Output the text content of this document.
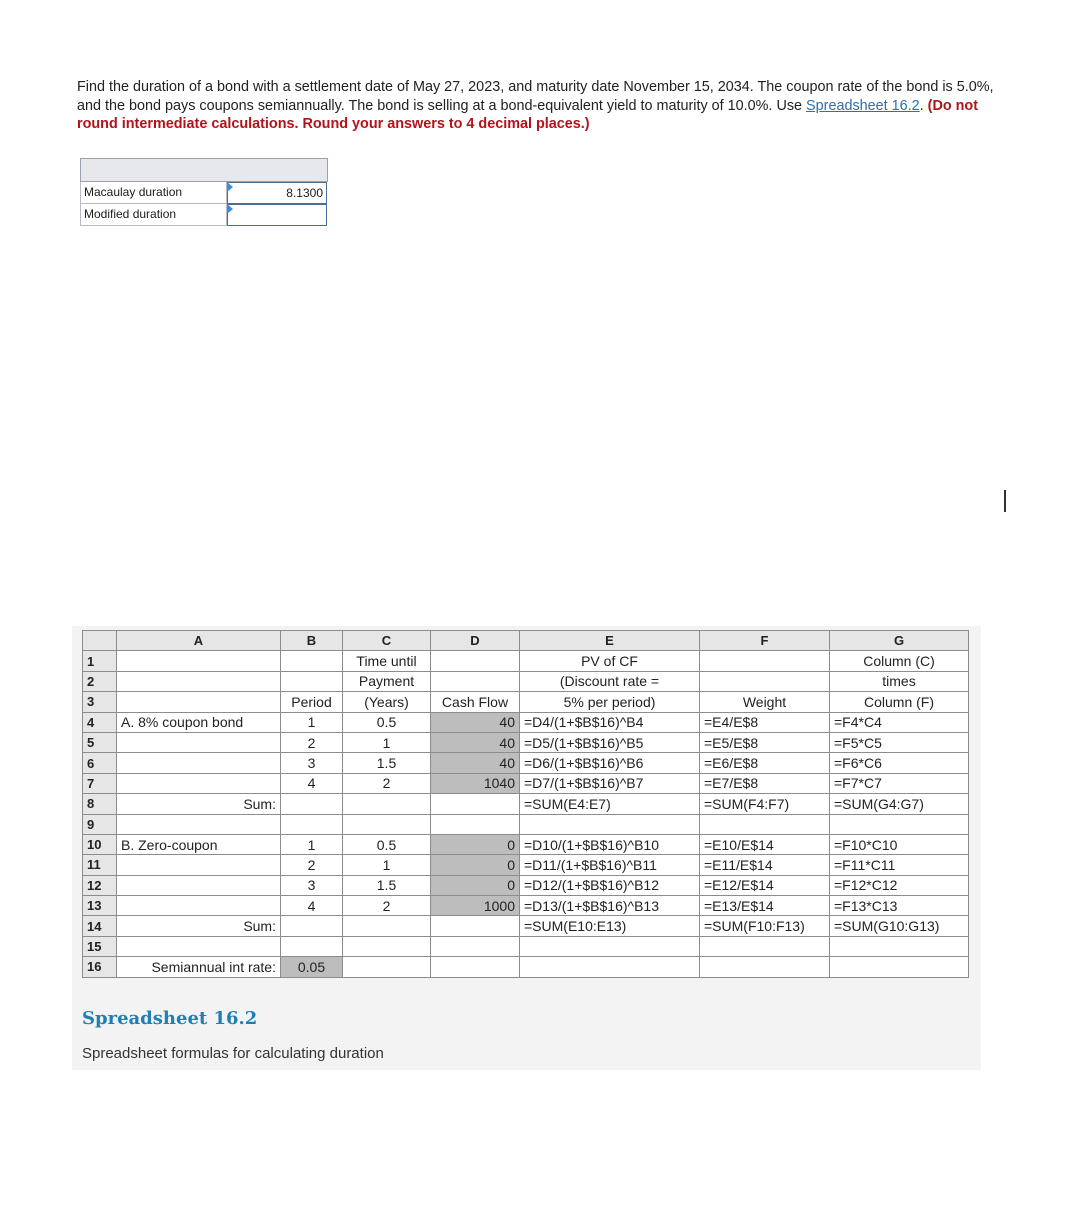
Find the duration of a bond with a settlement date of May 27, 2023, and maturity date November 15, 2034. The coupon rate of the bond is 5.0%, and the bond pays coupons semiannually. The bond is selling at a bond-equivalent yield to maturity of 10.0%. Use Spreadsheet 16.2. (Do not round intermediate calculations. Round your answers to 4 decimal places.)
Macaulay duration	8.1300
Modified duration
	A	B	C	D	E	F	G
1			Time until		PV of CF		Column (C)
2			Payment		(Discount rate =		times
3		Period	(Years)	Cash Flow	5% per period)	Weight	Column (F)
4	A. 8% coupon bond	1	0.5	40	=D4/(1+$B$16)^B4	=E4/E$8	=F4*C4
5		2	1	40	=D5/(1+$B$16)^B5	=E5/E$8	=F5*C5
6		3	1.5	40	=D6/(1+$B$16)^B6	=E6/E$8	=F6*C6
7		4	2	1040	=D7/(1+$B$16)^B7	=E7/E$8	=F7*C7
8	Sum:				=SUM(E4:E7)	=SUM(F4:F7)	=SUM(G4:G7)
9							
10	B. Zero-coupon	1	0.5	0	=D10/(1+$B$16)^B10	=E10/E$14	=F10*C10
11		2	1	0	=D11/(1+$B$16)^B11	=E11/E$14	=F11*C11
12		3	1.5	0	=D12/(1+$B$16)^B12	=E12/E$14	=F12*C12
13		4	2	1000	=D13/(1+$B$16)^B13	=E13/E$14	=F13*C13
14	Sum:				=SUM(E10:E13)	=SUM(F10:F13)	=SUM(G10:G13)
15							
16	Semiannual int rate:	0.05					
Spreadsheet 16.2
Spreadsheet formulas for calculating duration
